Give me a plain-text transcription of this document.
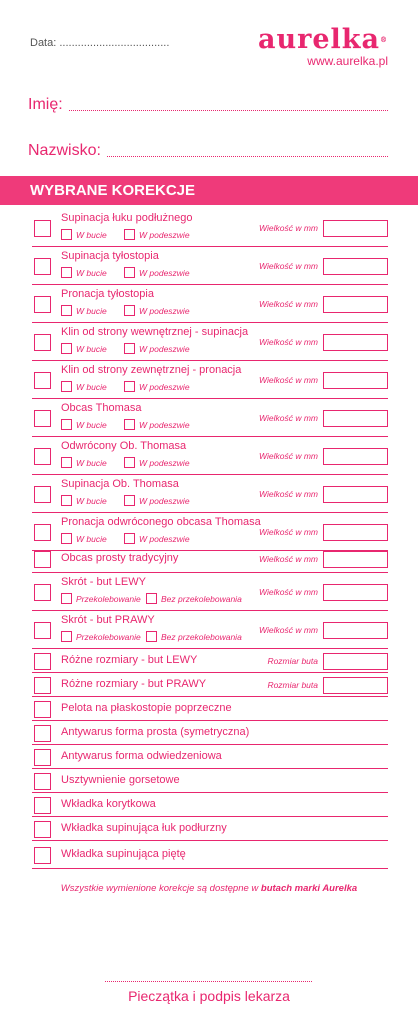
Data: ....................................	aurelka®
www.aurelka.pl
Imię:
Nazwisko:
WYBRANE KOREKCJE
Supinacja łuku podłużnego
W bucie	W podeszwie
Wielkość w mm
Supinacja tyłostopia
W bucie	W podeszwie
Wielkość w mm
Pronacja tyłostopia
W bucie	W podeszwie
Wielkość w mm
Klin od strony wewnętrznej - supinacja
W bucie	W podeszwie
Wielkość w mm
Klin od strony zewnętrznej - pronacja
W bucie	W podeszwie
Wielkość w mm
Obcas Thomasa
W bucie	W podeszwie
Wielkość w mm
Odwrócony Ob. Thomasa
W bucie	W podeszwie
Wielkość w mm
Supinacja Ob. Thomasa
W bucie	W podeszwie
Wielkość w mm
Pronacja odwróconego obcasa Thomasa
W bucie	W podeszwie
Wielkość w mm
Obcas prosty tradycyjny	Wielkość w mm
Skrót - but LEWY
Przekolebowanie Bez przekolebowania
Wielkość w mm
Skrót - but PRAWY
Przekolebowanie Bez przekolebowania
Wielkość w mm
Różne rozmiary - but LEWY	Rozmiar buta
Różne rozmiary - but PRAWY	Rozmiar buta
Pelota na płaskostopie poprzeczne
Antywarus forma prosta (symetryczna)
Antywarus forma odwiedzeniowa
Usztywnienie gorsetowe
Wkładka korytkowa
Wkładka supinująca łuk podłurzny
Wkładka supinująca piętę
Wszystkie wymienione korekcje są dostępne w butach marki Aurelka
Pieczątka i podpis lekarza
